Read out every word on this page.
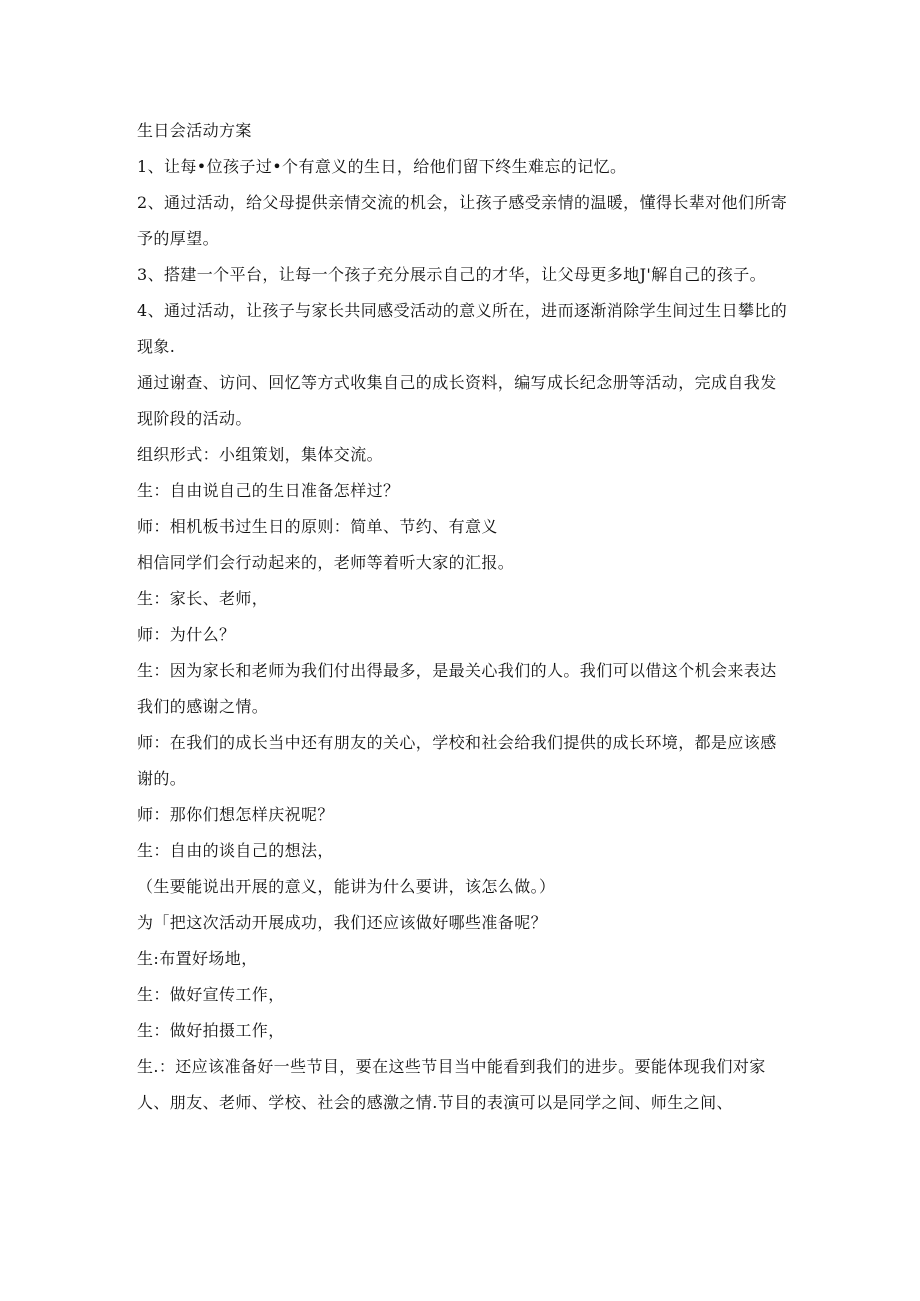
生日会活动方案

1、让每•位孩子过•个有意义的生日，给他们留下终生难忘的记忆。

2、通过活动，给父母提供亲情交流的机会，让孩子感受亲情的温暖，懂得长辈对他们所寄予的厚望。

3、搭建一个平台，让每一个孩子充分展示自己的才华，让父母更多地J'解自己的孩子。

4、通过活动，让孩子与家长共同感受活动的意义所在，进而逐渐消除学生间过生日攀比的现象.

通过谢查、访问、回忆等方式收集自己的成长资料，编写成长纪念册等活动，完成自我发现阶段的活动。

组织形式：小组策划，集体交流。

生：自由说自己的生日准备怎样过？

师：相机板书过生日的原则：简单、节约、有意义

相信同学们会行动起来的，老师等着听大家的汇报。

生：家长、老师，

师：为什么？

生：因为家长和老师为我们付出得最多，是最关心我们的人。我们可以借这个机会来表达我们的感谢之情。

师：在我们的成长当中还有朋友的关心，学校和社会给我们提供的成长环境，都是应该感谢的。

师：那你们想怎样庆祝呢？

生：自由的谈自己的想法，

（生要能说出开展的意义，能讲为什么要讲，该怎么做。）

为「把这次活动开展成功，我们还应该做好哪些准备呢？

生:布置好场地，

生：做好宣传工作，

生：做好拍摄工作，

生.：还应该准备好一些节目，要在这些节目当中能看到我们的进步。要能体现我们对家人、朋友、老师、学校、社会的感激之情.节目的表演可以是同学之间、师生之间、
